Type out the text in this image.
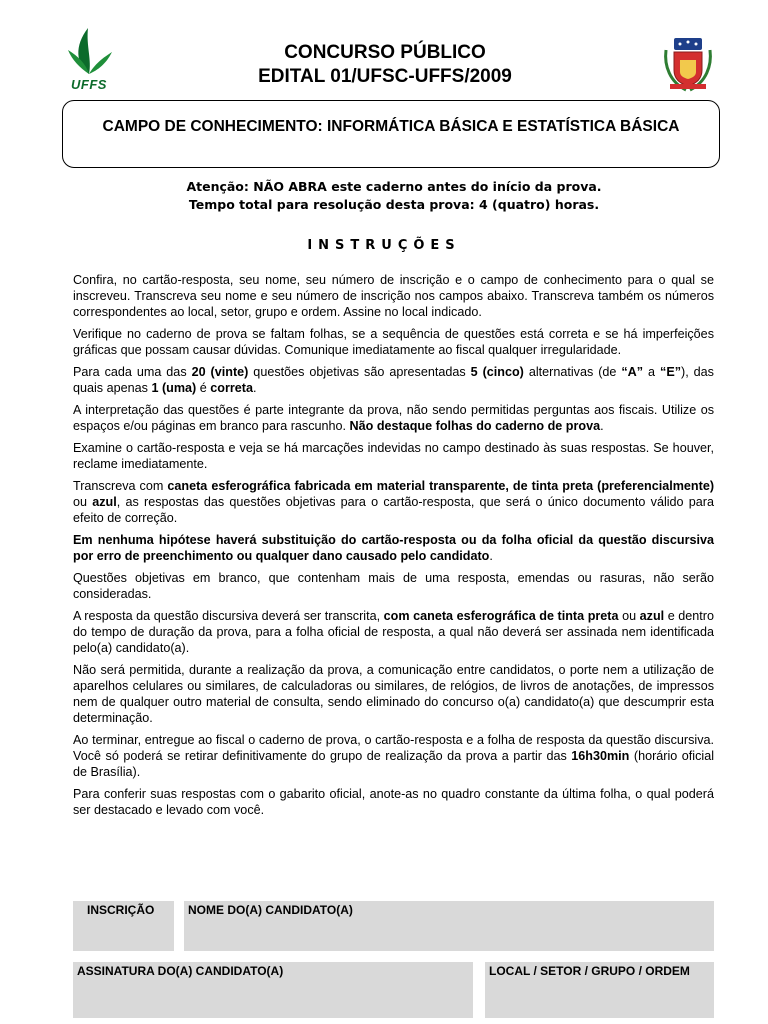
UFFS
CONCURSO PÚBLICO
EDITAL 01/UFSC-UFFS/2009
CAMPO DE CONHECIMENTO: INFORMÁTICA BÁSICA E ESTATÍSTICA BÁSICA
Atenção: NÃO ABRA este caderno antes do início da prova.
Tempo total para resolução desta prova: 4 (quatro) horas.
INSTRUÇÕES

Confira, no cartão-resposta, seu nome, seu número de inscrição e o campo de conhecimento para o qual se inscreveu. Transcreva seu nome e seu número de inscrição nos campos abaixo. Transcreva também os números correspondentes ao local, setor, grupo e ordem. Assine no local indicado.

Verifique no caderno de prova se faltam folhas, se a sequência de questões está correta e se há imperfeições gráficas que possam causar dúvidas. Comunique imediatamente ao fiscal qualquer irregularidade.

Para cada uma das 20 (vinte) questões objetivas são apresentadas 5 (cinco) alternativas (de “A” a “E”), das quais apenas 1 (uma) é correta.

A interpretação das questões é parte integrante da prova, não sendo permitidas perguntas aos fiscais. Utilize os espaços e/ou páginas em branco para rascunho. Não destaque folhas do caderno de prova.

Examine o cartão-resposta e veja se há marcações indevidas no campo destinado às suas respostas. Se houver, reclame imediatamente.

Transcreva com caneta esferográfica fabricada em material transparente, de tinta preta (preferencialmente) ou azul, as respostas das questões objetivas para o cartão-resposta, que será o único documento válido para efeito de correção.

Em nenhuma hipótese haverá substituição do cartão-resposta ou da folha oficial da questão discursiva por erro de preenchimento ou qualquer dano causado pelo candidato.

Questões objetivas em branco, que contenham mais de uma resposta, emendas ou rasuras, não serão consideradas.

A resposta da questão discursiva deverá ser transcrita, com caneta esferográfica de tinta preta ou azul e dentro do tempo de duração da prova, para a folha oficial de resposta, a qual não deverá ser assinada nem identificada pelo(a) candidato(a).

Não será permitida, durante a realização da prova, a comunicação entre candidatos, o porte nem a utilização de aparelhos celulares ou similares, de calculadoras ou similares, de relógios, de livros de anotações, de impressos nem de qualquer outro material de consulta, sendo eliminado do concurso o(a) candidato(a) que descumprir esta determinação.

Ao terminar, entregue ao fiscal o caderno de prova, o cartão-resposta e a folha de resposta da questão discursiva. Você só poderá se retirar definitivamente do grupo de realização da prova a partir das 16h30min (horário oficial de Brasília).

Para conferir suas respostas com o gabarito oficial, anote-as no quadro constante da última folha, o qual poderá ser destacado e levado com você.

INSCRIÇÃO	NOME DO(A) CANDIDATO(A)
ASSINATURA DO(A) CANDIDATO(A)	LOCAL / SETOR / GRUPO / ORDEM
